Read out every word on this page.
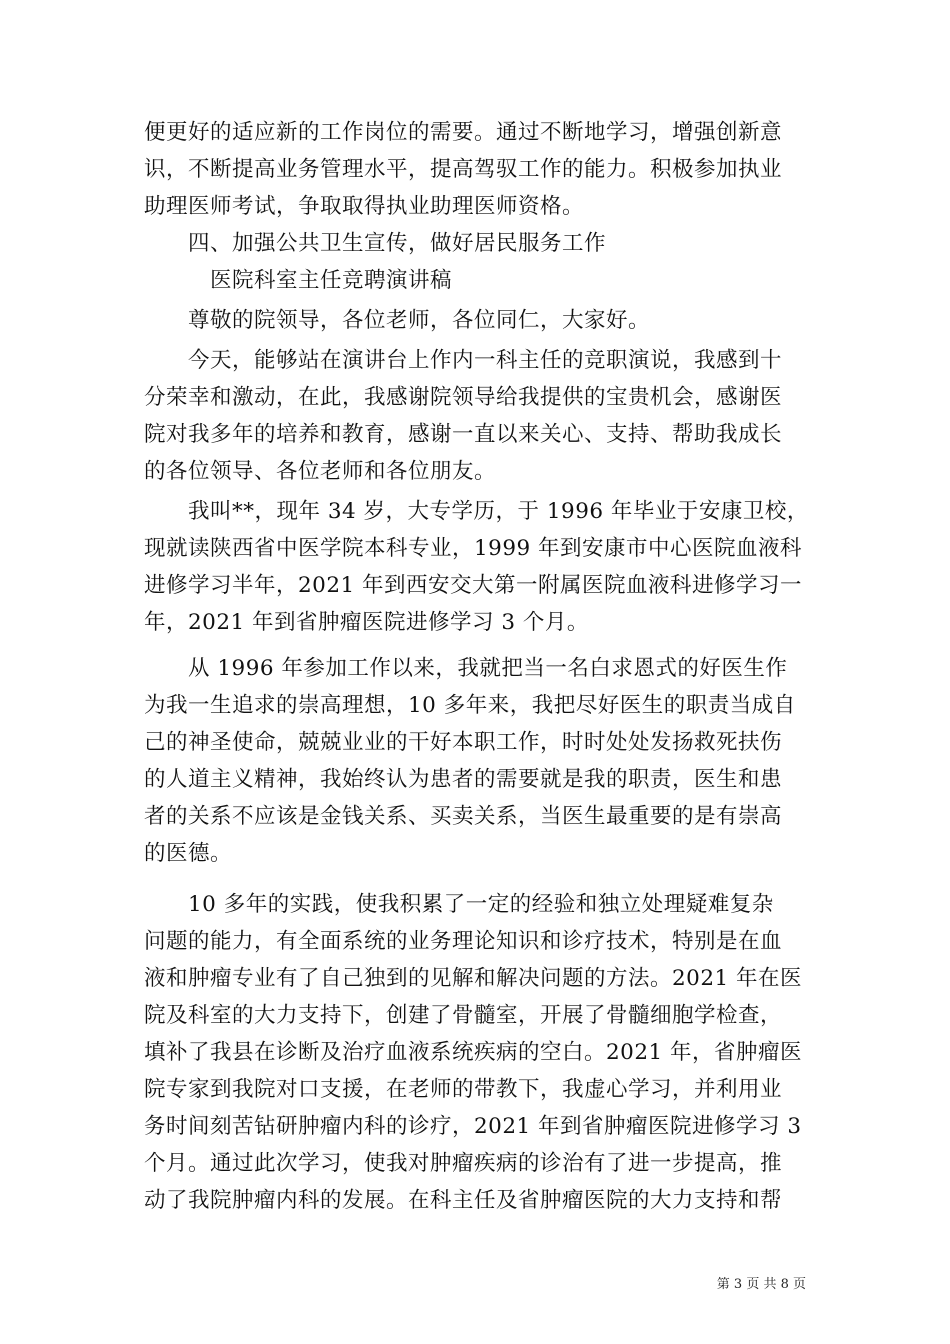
便更好的适应新的工作岗位的需要。通过不断地学习，增强创新意
识，不断提高业务管理水平，提高驾驭工作的能力。积极参加执业
助理医师考试，争取取得执业助理医师资格。
　　四、加强公共卫生宣传，做好居民服务工作
　　　医院科室主任竞聘演讲稿
　　尊敬的院领导，各位老师，各位同仁，大家好。
　　今天，能够站在演讲台上作内一科主任的竞职演说，我感到十
分荣幸和激动，在此，我感谢院领导给我提供的宝贵机会，感谢医
院对我多年的培养和教育，感谢一直以来关心、支持、帮助我成长
的各位领导、各位老师和各位朋友。
　　我叫**，现年 34 岁，大专学历，于 1996 年毕业于安康卫校，
现就读陕西省中医学院本科专业，1999 年到安康市中心医院血液科
进修学习半年，2021 年到西安交大第一附属医院血液科进修学习一
年，2021 年到省肿瘤医院进修学习 3 个月。
　　从 1996 年参加工作以来，我就把当一名白求恩式的好医生作
为我一生追求的崇高理想，10 多年来，我把尽好医生的职责当成自
己的神圣使命，兢兢业业的干好本职工作，时时处处发扬救死扶伤
的人道主义精神，我始终认为患者的需要就是我的职责，医生和患
者的关系不应该是金钱关系、买卖关系，当医生最重要的是有崇高
的医德。
　　10 多年的实践，使我积累了一定的经验和独立处理疑难复杂
问题的能力，有全面系统的业务理论知识和诊疗技术，特别是在血
液和肿瘤专业有了自己独到的见解和解决问题的方法。2021 年在医
院及科室的大力支持下，创建了骨髓室，开展了骨髓细胞学检查，
填补了我县在诊断及治疗血液系统疾病的空白。2021 年，省肿瘤医
院专家到我院对口支援，在老师的带教下，我虚心学习，并利用业
务时间刻苦钻研肿瘤内科的诊疗，2021 年到省肿瘤医院进修学习 3
个月。通过此次学习，使我对肿瘤疾病的诊治有了进一步提高，推
动了我院肿瘤内科的发展。在科主任及省肿瘤医院的大力支持和帮
第 3 页 共 8 页
